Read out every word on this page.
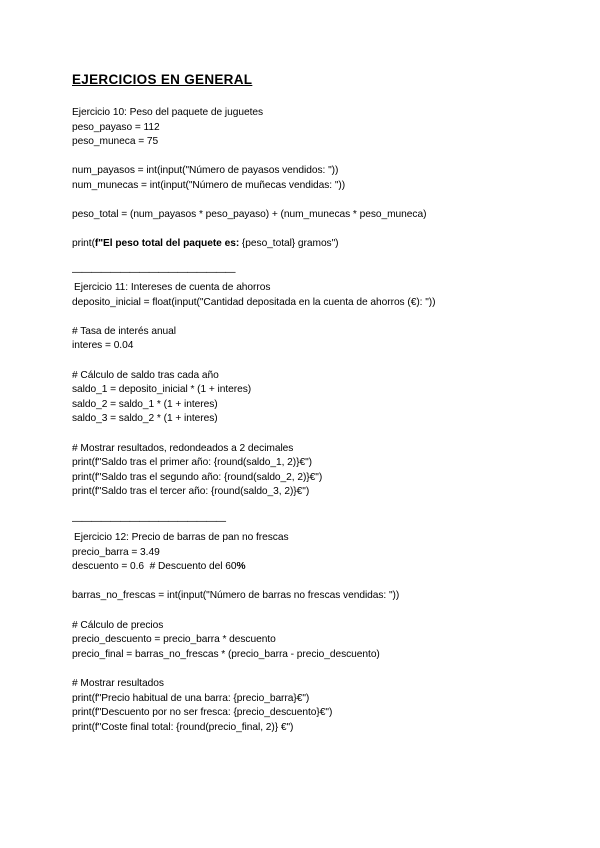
EJERCICIOS EN GENERAL
Ejercicio 10: Peso del paquete de juguetes
peso_payaso = 112
peso_muneca = 75
num_payasos = int(input("Número de payasos vendidos: "))
num_munecas = int(input("Número de muñecas vendidas: "))
peso_total = (num_payasos * peso_payaso) + (num_munecas * peso_muneca)
print(f"El peso total del paquete es: {peso_total} gramos")
—————————————————
Ejercicio 11: Intereses de cuenta de ahorros
deposito_inicial = float(input("Cantidad depositada en la cuenta de ahorros (€): "))
# Tasa de interés anual
interes = 0.04
# Cálculo de saldo tras cada año
saldo_1 = deposito_inicial * (1 + interes)
saldo_2 = saldo_1 * (1 + interes)
saldo_3 = saldo_2 * (1 + interes)
# Mostrar resultados, redondeados a 2 decimales
print(f"Saldo tras el primer año: {round(saldo_1, 2)}€")
print(f"Saldo tras el segundo año: {round(saldo_2, 2)}€")
print(f"Saldo tras el tercer año: {round(saldo_3, 2)}€")
————————————————
Ejercicio 12: Precio de barras de pan no frescas
precio_barra = 3.49
descuento = 0.6  # Descuento del 60%
barras_no_frescas = int(input("Número de barras no frescas vendidas: "))
# Cálculo de precios
precio_descuento = precio_barra * descuento
precio_final = barras_no_frescas * (precio_barra - precio_descuento)
# Mostrar resultados
print(f"Precio habitual de una barra: {precio_barra}€")
print(f"Descuento por no ser fresca: {precio_descuento}€")
print(f"Coste final total: {round(precio_final, 2)} €")
